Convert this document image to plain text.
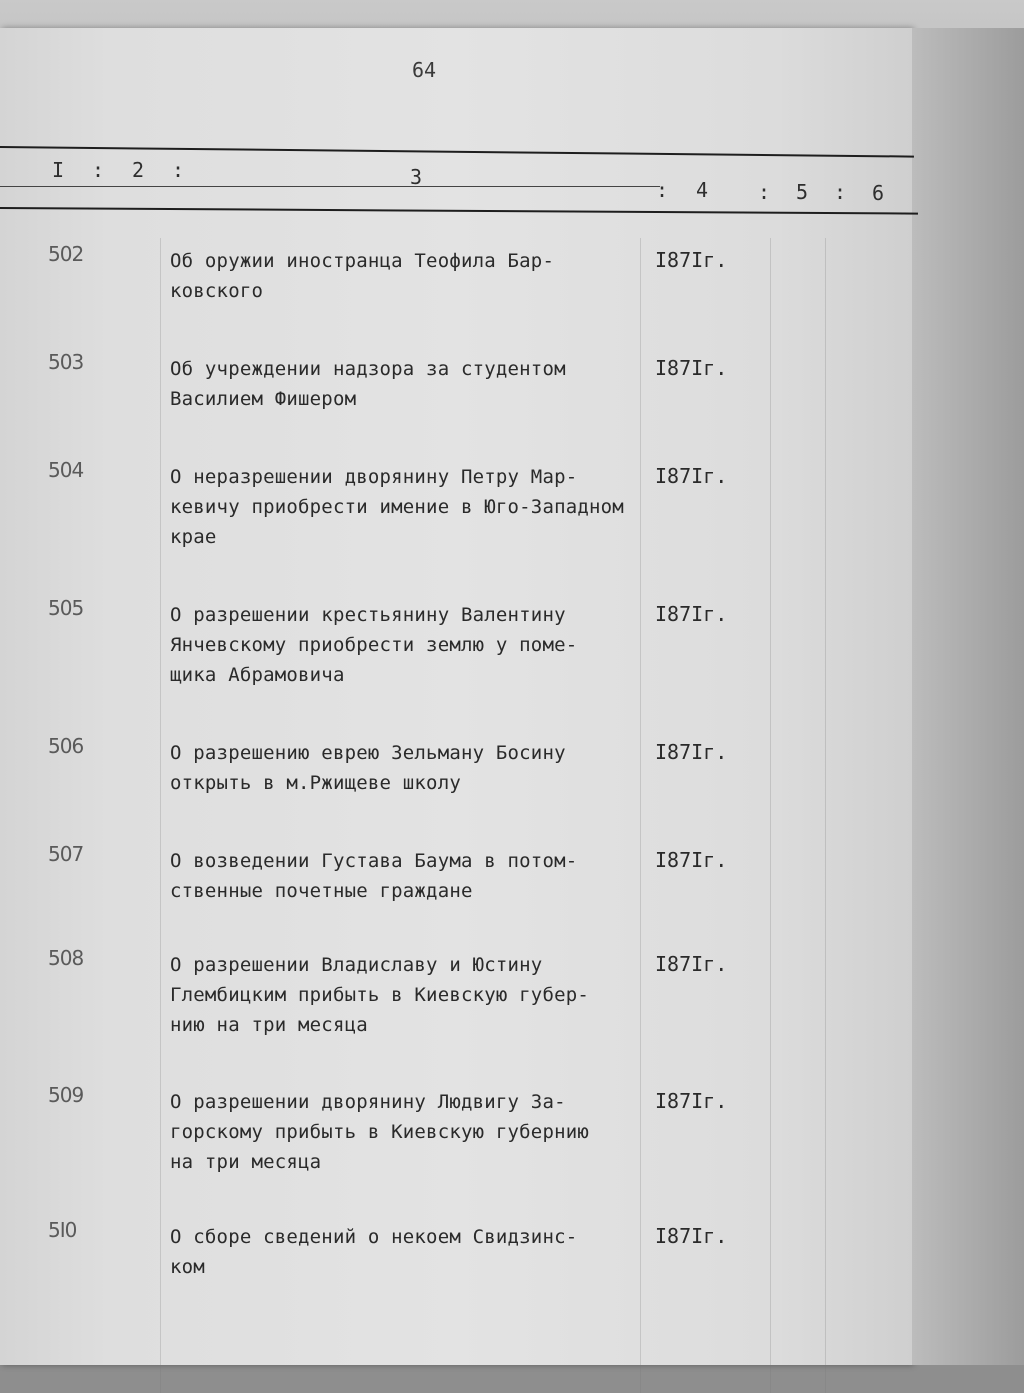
64
I : 2 :	3
: 4 : 5 : 6
502	Об оружии иностранца Теофила Бар-
ковского
I87Iг.
503	Об учреждении надзора за студентом
Василием Фишером
I87Iг.
504	О неразрешении дворянину Петру Мар-
кевичу приобрести имение в Юго-Западном
крае
I87Iг.
505	О разрешении крестьянину Валентину
Янчевскому приобрести землю у поме-
щика Абрамовича
I87Iг.
506	О разрешению еврею Зельману Босину
открыть в м.Ржищеве школу
I87Iг.
507	О возведении Густава Баума в потом-
ственные почетные граждане
I87Iг.
508	О разрешении Владиславу и Юстину
Глембицким прибыть в Киевскую губер-
нию на три месяца
I87Iг.
509	О разрешении дворянину Людвигу За-
горскому прибыть в Киевскую губернию
на три месяца
I87Iг.
5I0	О сборе сведений о некоем Свидзинс-
ком
I87Iг.
